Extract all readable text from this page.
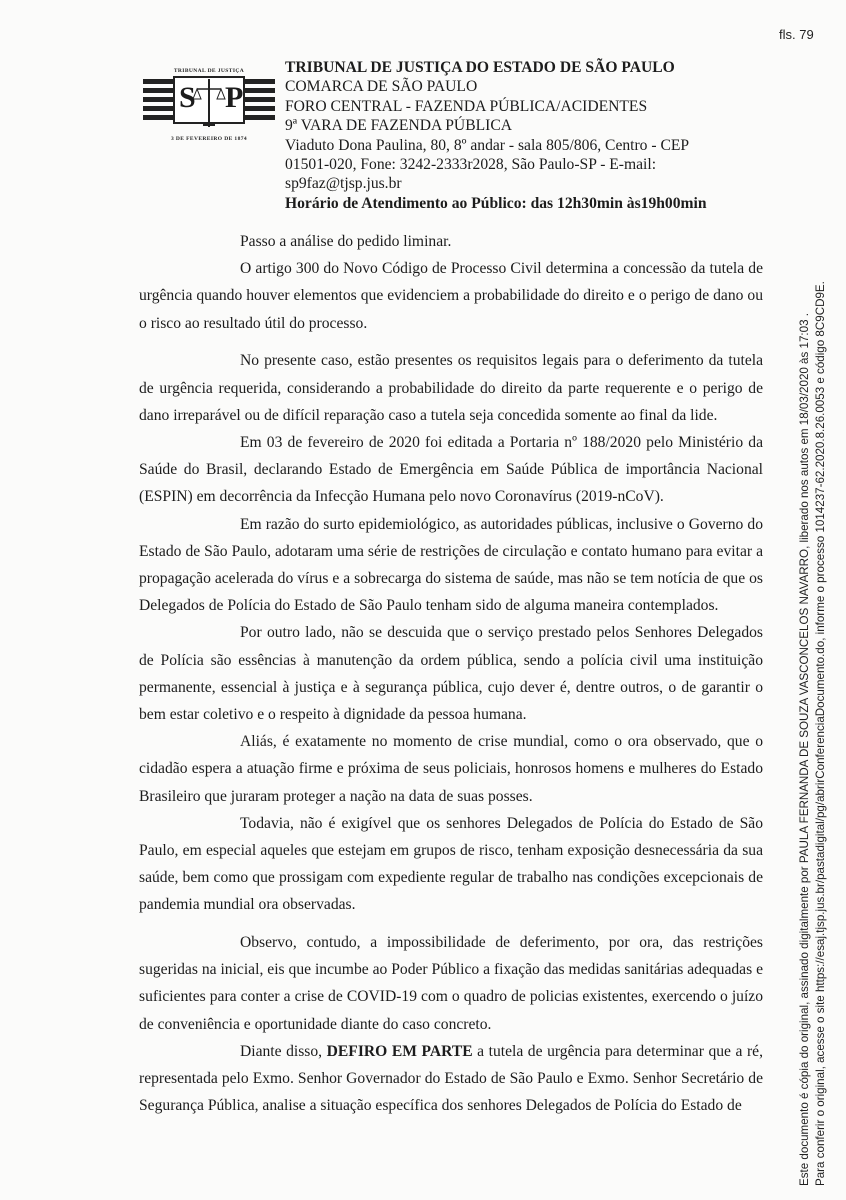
fls. 79
TRIBUNAL DE JUSTIÇA
S P
3 DE FEVEREIRO DE 1874
TRIBUNAL DE JUSTIÇA DO ESTADO DE SÃO PAULO
COMARCA DE SÃO PAULO
FORO CENTRAL - FAZENDA PÚBLICA/ACIDENTES
9ª VARA DE FAZENDA PÚBLICA
Viaduto Dona Paulina, 80, 8º andar - sala 805/806, Centro - CEP
01501-020, Fone: 3242-2333r2028, São Paulo-SP - E-mail:
sp9faz@tjsp.jus.br
Horário de Atendimento ao Público: das 12h30min às19h00min

Passo a análise do pedido liminar.

O artigo 300 do Novo Código de Processo Civil determina a concessão da tutela de urgência quando houver elementos que evidenciem a probabilidade do direito e o perigo de dano ou o risco ao resultado útil do processo.

No presente caso, estão presentes os requisitos legais para o deferimento da tutela de urgência requerida, considerando a probabilidade do direito da parte requerente e o perigo de dano irreparável ou de difícil reparação caso a tutela seja concedida somente ao final da lide.

Em 03 de fevereiro de 2020 foi editada a Portaria nº 188/2020 pelo Ministério da Saúde do Brasil, declarando Estado de Emergência em Saúde Pública de importância Nacional (ESPIN) em decorrência da Infecção Humana pelo novo Coronavírus (2019-nCoV).

Em razão do surto epidemiológico, as autoridades públicas, inclusive o Governo do Estado de São Paulo, adotaram uma série de restrições de circulação e contato humano para evitar a propagação acelerada do vírus e a sobrecarga do sistema de saúde, mas não se tem notícia de que os Delegados de Polícia do Estado de São Paulo tenham sido de alguma maneira contemplados.

Por outro lado, não se descuida que o serviço prestado pelos Senhores Delegados de Polícia são essências à manutenção da ordem pública, sendo a polícia civil uma instituição permanente, essencial à justiça e à segurança pública, cujo dever é, dentre outros, o de garantir o bem estar coletivo e o respeito à dignidade da pessoa humana.

Aliás, é exatamente no momento de crise mundial, como o ora observado, que o cidadão espera a atuação firme e próxima de seus policiais, honrosos homens e mulheres do Estado Brasileiro que juraram proteger a nação na data de suas posses.

Todavia, não é exigível que os senhores Delegados de Polícia do Estado de São Paulo, em especial aqueles que estejam em grupos de risco, tenham exposição desnecessária da sua saúde, bem como que prossigam com expediente regular de trabalho nas condições excepcionais de pandemia mundial ora observadas.

Observo, contudo, a impossibilidade de deferimento, por ora, das restrições sugeridas na inicial, eis que incumbe ao Poder Público a fixação das medidas sanitárias adequadas e suficientes para conter a crise de COVID-19 com o quadro de policias existentes, exercendo o juízo de conveniência e oportunidade diante do caso concreto.

Diante disso, DEFIRO EM PARTE a tutela de urgência para determinar que a ré, representada pelo Exmo. Senhor Governador do Estado de São Paulo e Exmo. Senhor Secretário de Segurança Pública, analise a situação específica dos senhores Delegados de Polícia do Estado de	Este documento é cópia do original, assinado digitalmente por PAULA FERNANDA DE SOUZA VASCONCELOS NAVARRO, liberado nos autos em 18/03/2020 às 17:03 . Para conferir o original, acesse o site https://esaj.tjsp.jus.br/pastadigital/pg/abrirConferenciaDocumento.do, informe o processo 1014237-62.2020.8.26.0053 e código 8C9CD9E.
